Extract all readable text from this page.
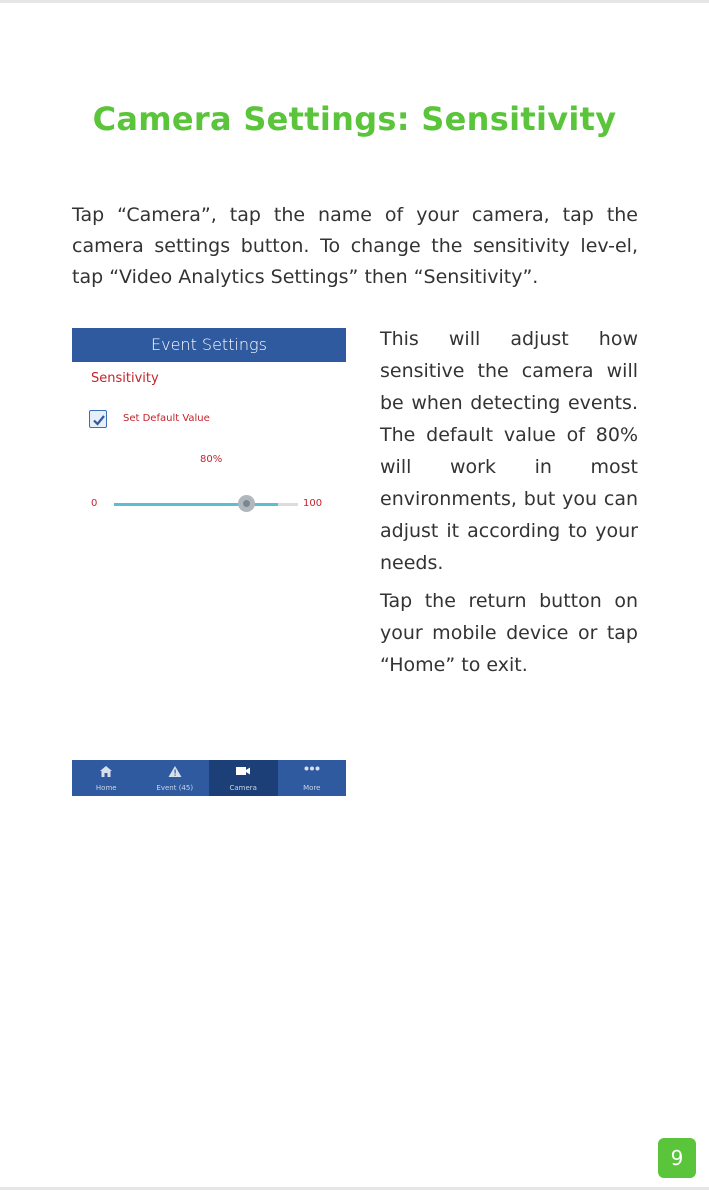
Camera Settings: Sensitivity

Tap “Camera”, tap the name of your camera, tap the camera settings button. To change the sensitivity lev-el, tap “Video Analytics Settings” then “Sensitivity”.

Event Settings
Sensitivity
Set Default Value
80%
0	100

This will adjust how sensitive the camera will be when detecting events. The default value of 80% will work in most environments, but you can adjust it according to your needs.

Tap the return button on your mobile device or tap “Home” to exit.

Home	Event (45)	Camera	More
9
